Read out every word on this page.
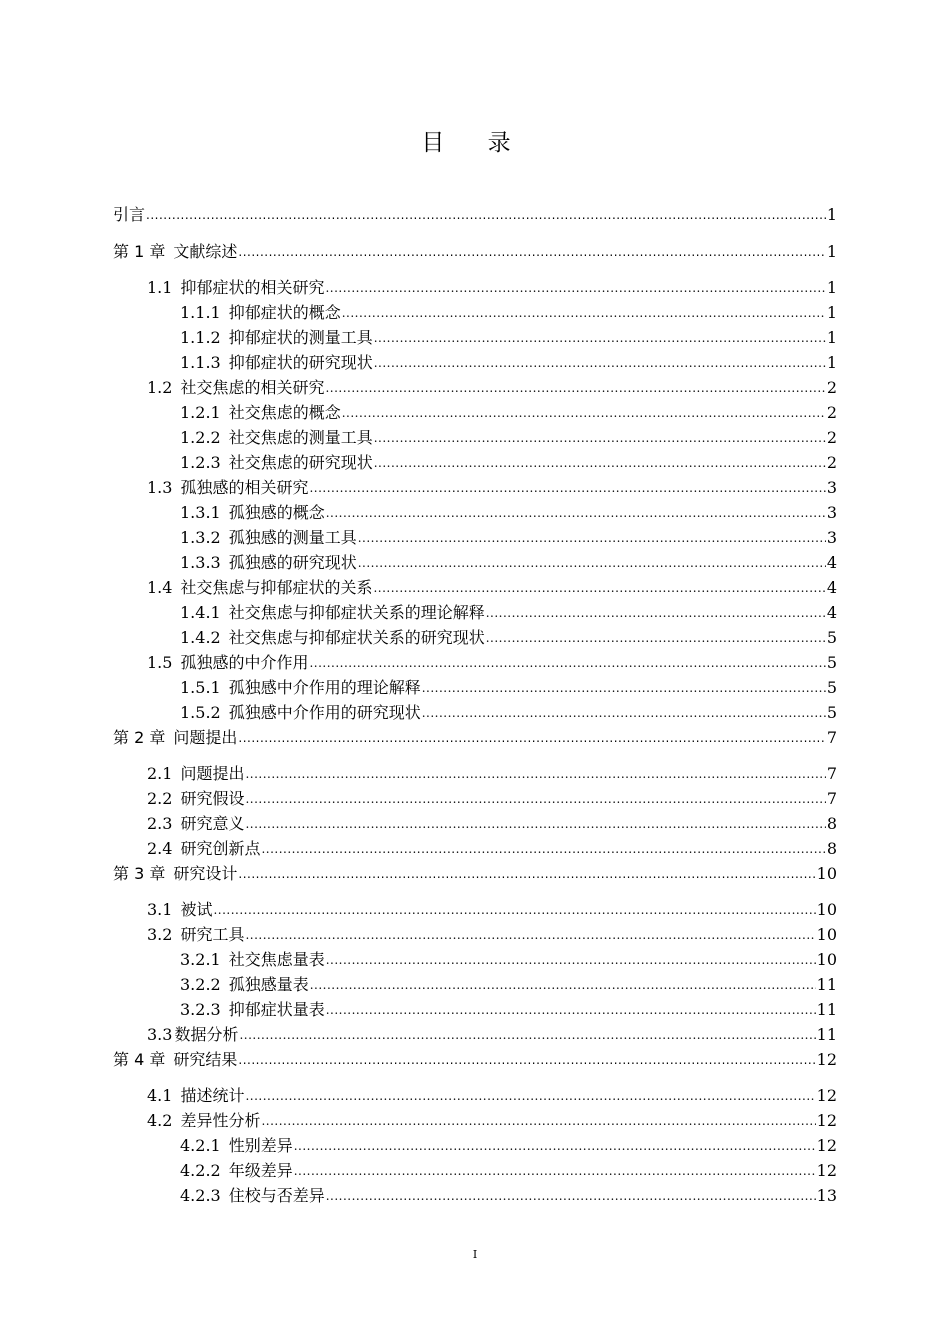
目 录
引言 .....	1
第 1 章 文献综述 .....	1
1.1 抑郁症状的相关研究 .....	1
1.1.1 抑郁症状的概念 .....	1
1.1.2 抑郁症状的测量工具 .....	1
1.1.3 抑郁症状的研究现状 .....	1
1.2 社交焦虑的相关研究 .....	2
1.2.1 社交焦虑的概念 .....	2
1.2.2 社交焦虑的测量工具 .....	2
1.2.3 社交焦虑的研究现状 .....	2
1.3 孤独感的相关研究 .....	3
1.3.1 孤独感的概念 .....	3
1.3.2 孤独感的测量工具 .....	3
1.3.3 孤独感的研究现状 .....	4
1.4 社交焦虑与抑郁症状的关系 .....	4
1.4.1 社交焦虑与抑郁症状关系的理论解释 .....	4
1.4.2 社交焦虑与抑郁症状关系的研究现状 .....	5
1.5 孤独感的中介作用 .....	5
1.5.1 孤独感中介作用的理论解释 .....	5
1.5.2 孤独感中介作用的研究现状 .....	5
第 2 章 问题提出 .....	7
2.1 问题提出 .....	7
2.2 研究假设 .....	7
2.3 研究意义 .....	8
2.4 研究创新点 .....	8
第 3 章 研究设计 .....	10
3.1 被试 .....	10
3.2 研究工具 .....	10
3.2.1 社交焦虑量表 .....	10
3.2.2 孤独感量表 .....	11
3.2.3 抑郁症状量表 .....	11
3.3 数据分析 .....	11
第 4 章 研究结果 .....	12
4.1 描述统计 .....	12
4.2 差异性分析 .....	12
4.2.1 性别差异 .....	12
4.2.2 年级差异 .....	12
4.2.3 住校与否差异 .....	13
I
